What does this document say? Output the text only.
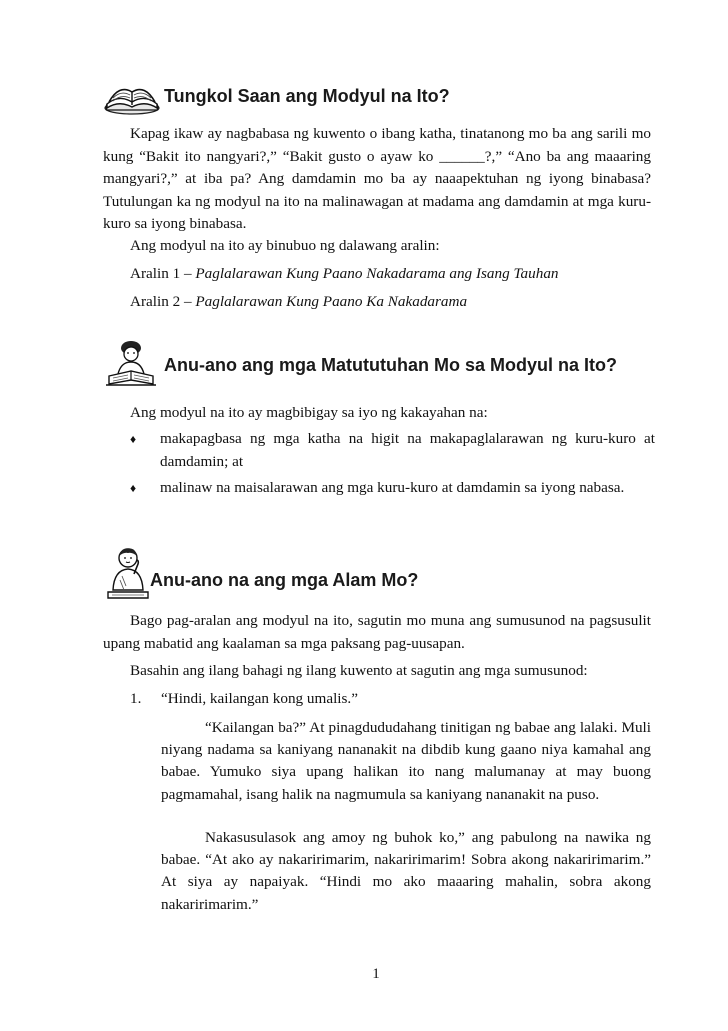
Tungkol Saan ang Modyul na Ito?
Kapag ikaw ay nagbabasa ng kuwento o ibang katha, tinatanong mo ba ang sarili mo kung “Bakit ito nangyari?,” “Bakit gusto o ayaw ko ______?,” “Ano ba ang maaaring mangyari?,” at iba pa? Ang damdamin mo ba ay naaapektuhan ng iyong binabasa? Tutulungan ka ng modyul na ito na malinawagan at madama ang damdamin at mga kuru-kuro sa iyong binabasa.
Ang modyul na ito ay binubuo ng dalawang aralin:
Aralin 1 – Paglalarawan Kung Paano Nakadarama ang Isang Tauhan
Aralin 2 – Paglalarawan Kung Paano Ka Nakadarama
Anu-ano ang mga Matututuhan Mo sa Modyul na Ito?
Ang modyul na ito ay magbibigay sa iyo ng kakayahan na:
♦ makapagbasa ng mga katha na higit na makapaglalarawan ng kuru-kuro at damdamin; at
♦ malinaw na maisalarawan ang mga kuru-kuro at damdamin sa iyong nabasa.
Anu-ano na ang mga Alam Mo?
Bago pag-aralan ang modyul na ito, sagutin mo muna ang sumusunod na pagsusulit upang mabatid ang kaalaman sa mga paksang pag-uusapan.
Basahin ang ilang bahagi ng ilang kuwento at sagutin ang mga sumusunod:
1. “Hindi, kailangan kong umalis.”
“Kailangan ba?” At pinagdududahang tinitigan ng babae ang lalaki. Muli niyang nadama sa kaniyang nananakit na dibdib kung gaano niya kamahal ang babae. Yumuko siya upang halikan ito nang malumanay at may buong pagmamahal, isang halik na nagmumula sa kaniyang nananakit na puso.
Nakasusulasok ang amoy ng buhok ko,” ang pabulong na nawika ng babae. “At ako ay nakaririmarim, nakaririmarim! Sobra akong nakaririmarim.” At siya ay napaiyak. “Hindi mo ako maaaring mahalin, sobra akong nakaririmarim.”
1
